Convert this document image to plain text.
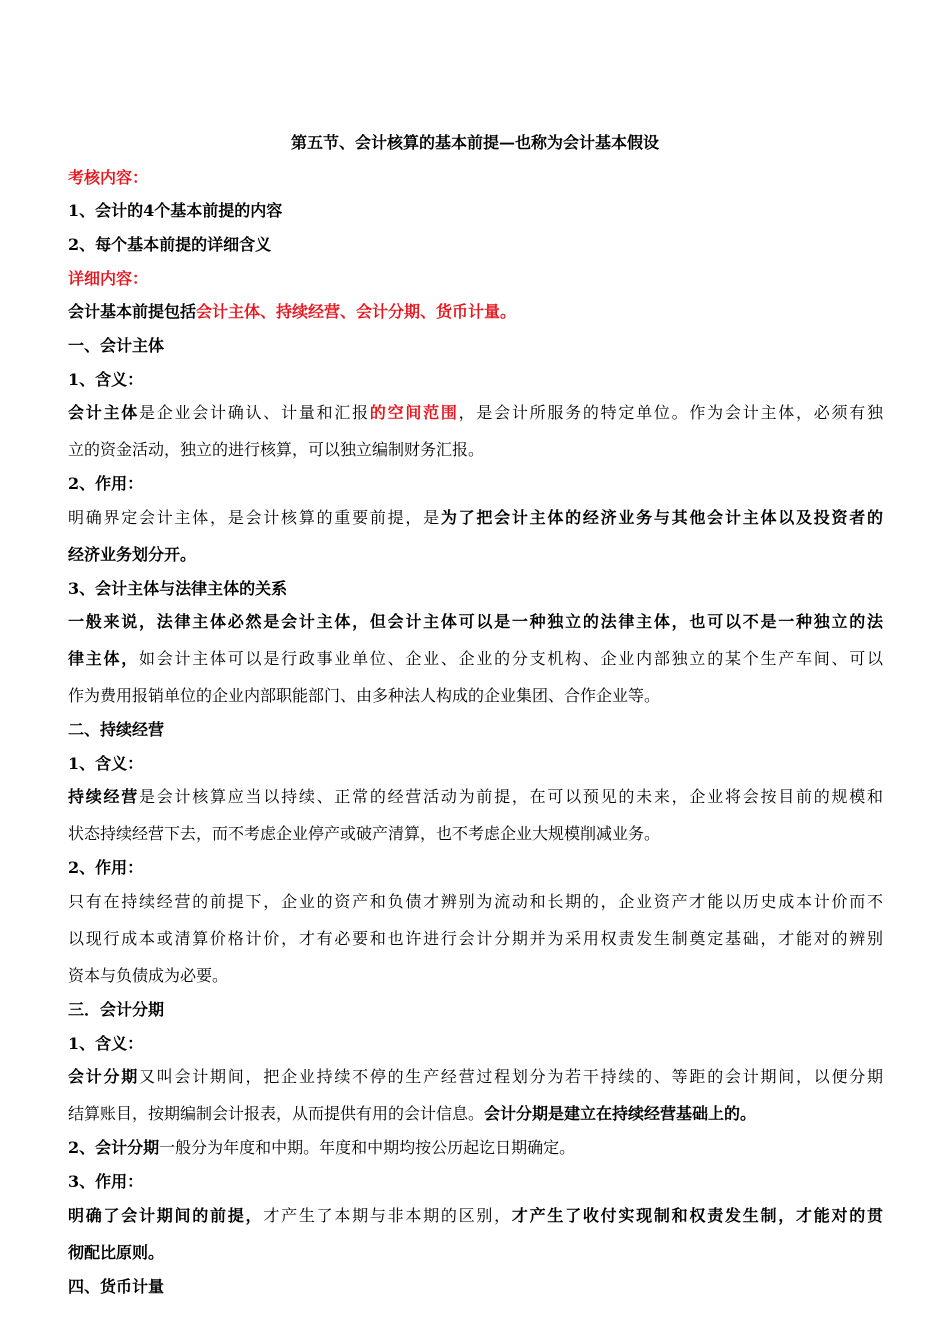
第五节、会计核算的基本前提—也称为会计基本假设
考核内容：
1、会计的4个基本前提的内容
2、每个基本前提的详细含义
详细内容：
会计基本前提包括会计主体、持续经营、会计分期、货币计量。
一、会计主体
1、含义：
会计主体是企业会计确认、计量和汇报的空间范围，是会计所服务的特定单位。作为会计主体，必须有独
立的资金活动，独立的进行核算，可以独立编制财务汇报。
2、作用：
明确界定会计主体，是会计核算的重要前提，是为了把会计主体的经济业务与其他会计主体以及投资者的
经济业务划分开。
3、会计主体与法律主体的关系
一般来说，法律主体必然是会计主体，但会计主体可以是一种独立的法律主体，也可以不是一种独立的法
律主体，如会计主体可以是行政事业单位、企业、企业的分支机构、企业内部独立的某个生产车间、可以
作为费用报销单位的企业内部职能部门、由多种法人构成的企业集团、合作企业等。
二、持续经营
1、含义：
持续经营是会计核算应当以持续、正常的经营活动为前提，在可以预见的未来，企业将会按目前的规模和
状态持续经营下去，而不考虑企业停产或破产清算，也不考虑企业大规模削减业务。
2、作用：
只有在持续经营的前提下，企业的资产和负债才辨别为流动和长期的，企业资产才能以历史成本计价而不
以现行成本或清算价格计价，才有必要和也许进行会计分期并为采用权责发生制奠定基础，才能对的辨别
资本与负债成为必要。
三．会计分期
1、含义：
会计分期又叫会计期间，把企业持续不停的生产经营过程划分为若干持续的、等距的会计期间，以便分期
结算账目，按期编制会计报表，从而提供有用的会计信息。会计分期是建立在持续经营基础上的。
2、会计分期一般分为年度和中期。年度和中期均按公历起讫日期确定。
3、作用：
明确了会计期间的前提，才产生了本期与非本期的区别，才产生了收付实现制和权责发生制，才能对的贯
彻配比原则。
四、货币计量
